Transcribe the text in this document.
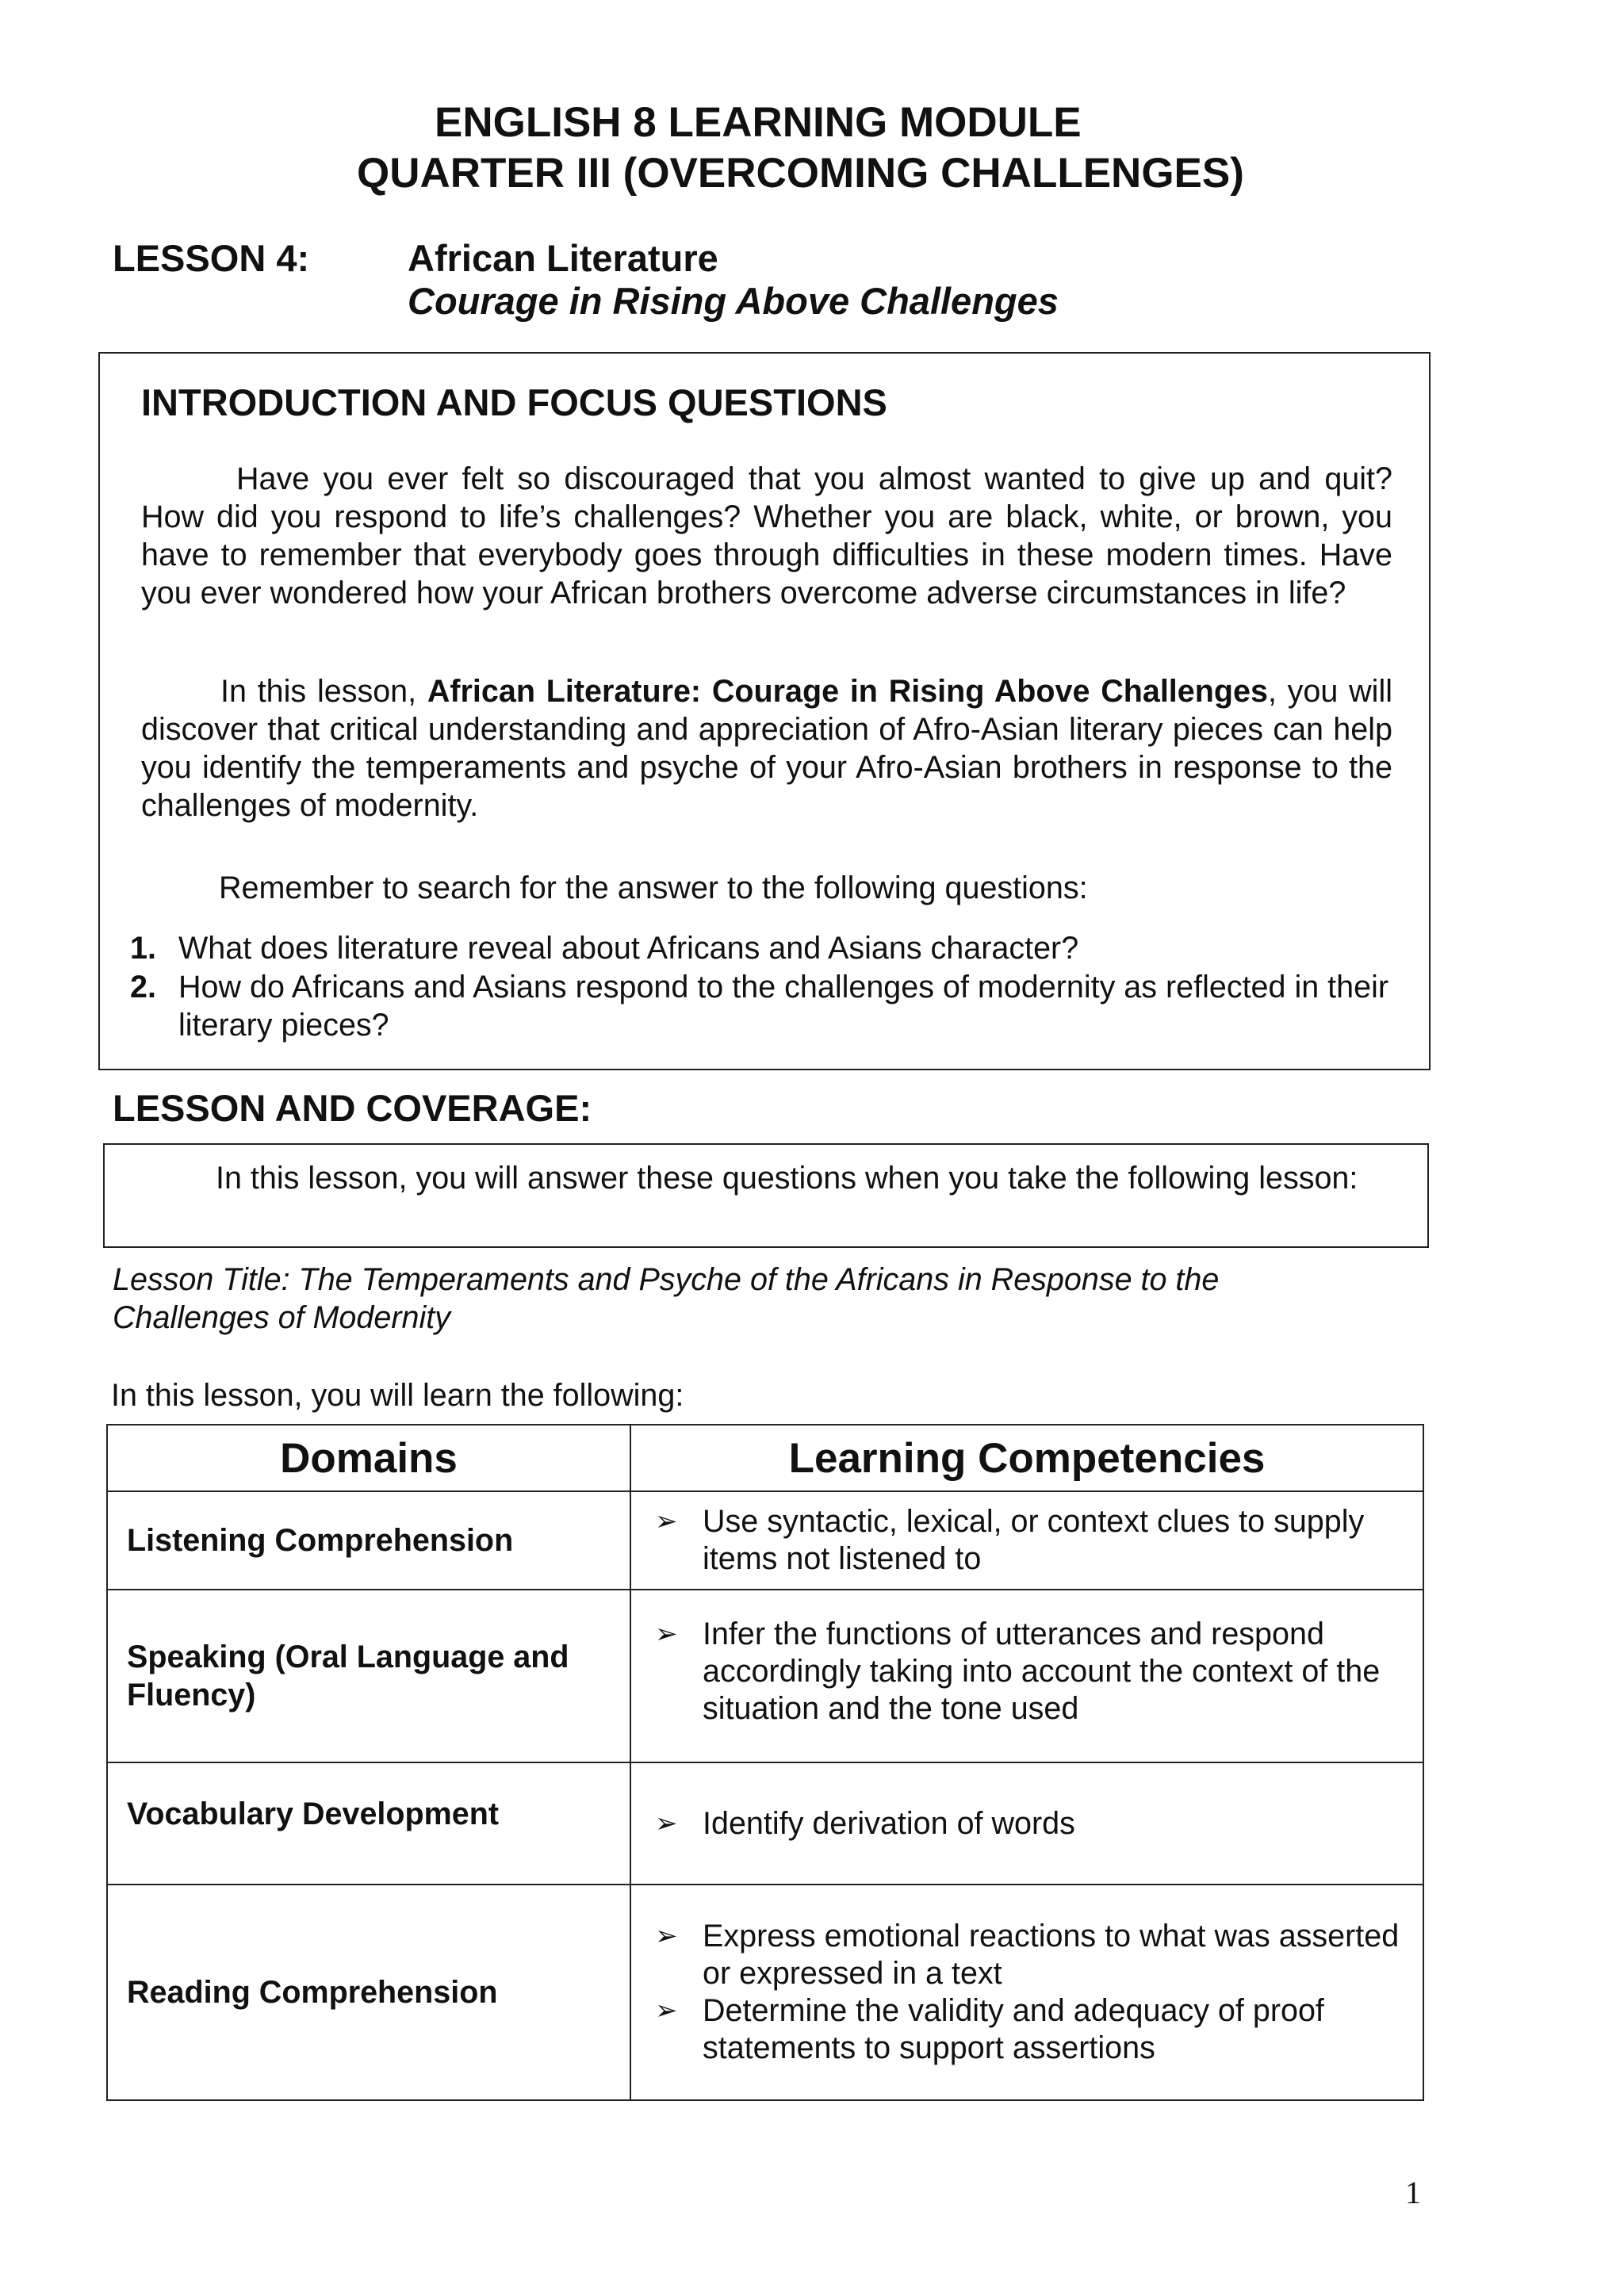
ENGLISH 8 LEARNING MODULE
QUARTER III (OVERCOMING CHALLENGES)
LESSON 4:	African Literature
Courage in Rising Above Challenges
INTRODUCTION AND FOCUS QUESTIONS
Have you ever felt so discouraged that you almost wanted to give up and quit? How did you respond to life’s challenges? Whether you are black, white, or brown, you have to remember that everybody goes through difficulties in these modern times. Have you ever wondered how your African brothers overcome adverse circumstances in life?
In this lesson, African Literature: Courage in Rising Above Challenges, you will discover that critical understanding and appreciation of Afro-Asian literary pieces can help you identify the temperaments and psyche of your Afro-Asian brothers in response to the challenges of modernity.
Remember to search for the answer to the following questions:
1. What does literature reveal about Africans and Asians character?
2. How do Africans and Asians respond to the challenges of modernity as reflected in their literary pieces?
LESSON AND COVERAGE:
In this lesson, you will answer these questions when you take the following lesson:
Lesson Title: The Temperaments and Psyche of the Africans in Response to the
Challenges of Modernity
In this lesson, you will learn the following:
Domains	Learning Competencies
Listening Comprehension	➢ Use syntactic, lexical, or context clues to supply items not listened to

Speaking (Oral Language and Fluency)	➢ Infer the functions of utterances and respond accordingly taking into account the context of the situation and the tone used

Vocabulary Development	➢ Identify derivation of words

Reading Comprehension	➢ Express emotional reactions to what was asserted or expressed in a text
➢ Determine the validity and adequacy of proof statements to support assertions
1
